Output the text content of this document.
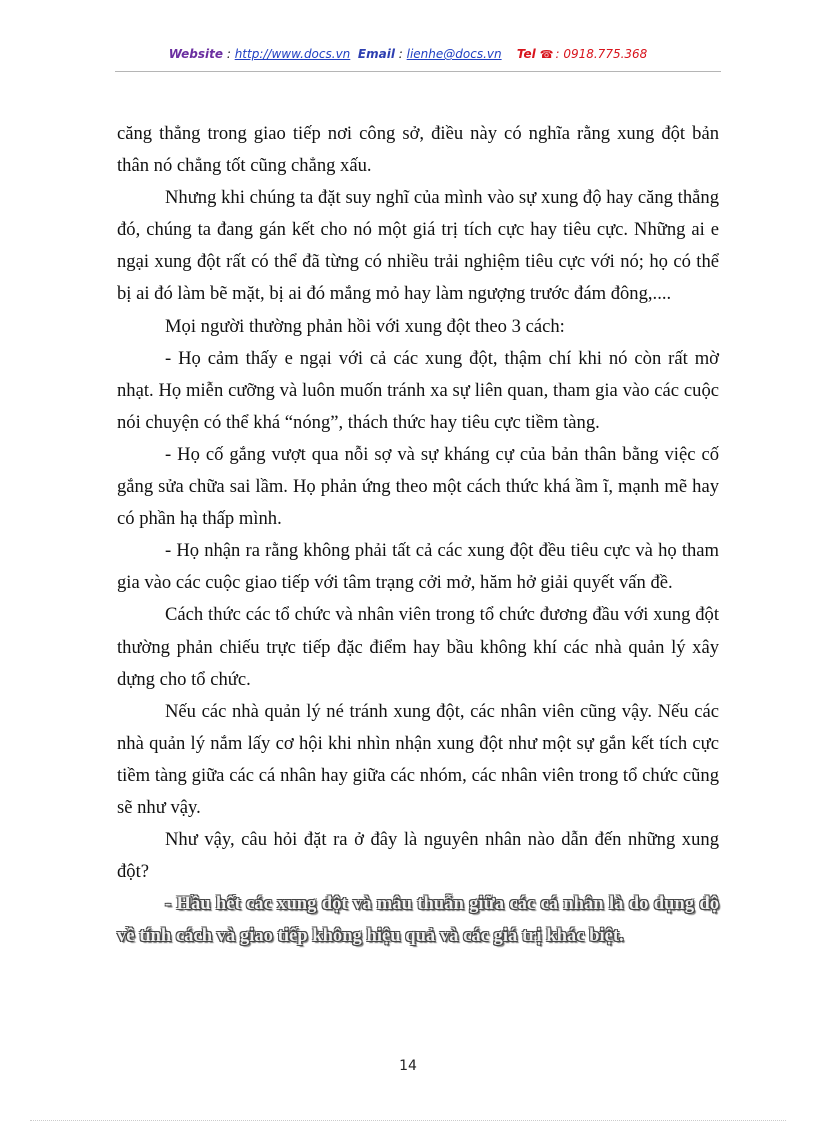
Website : http://www.docs.vn Email : lienhe@docs.vn Tel ☎ : 0918.775.368

căng thẳng trong giao tiếp nơi công sở, điều này có nghĩa rằng xung đột bản thân nó chẳng tốt cũng chẳng xấu.

Nhưng khi chúng ta đặt suy nghĩ của mình vào sự xung độ hay căng thẳng đó, chúng ta đang gán kết cho nó một giá trị tích cực hay tiêu cực. Những ai e ngại xung đột rất có thể đã từng có nhiều trải nghiệm tiêu cực với nó; họ có thể bị ai đó làm bẽ mặt, bị ai đó mắng mỏ hay làm ngượng trước đám đông,....

Mọi người thường phản hồi với xung đột theo 3 cách:

- Họ cảm thấy e ngại với cả các xung đột, thậm chí khi nó còn rất mờ nhạt. Họ miễn cưỡng và luôn muốn tránh xa sự liên quan, tham gia vào các cuộc nói chuyện có thể khá “nóng”, thách thức hay tiêu cực tiềm tàng.

- Họ cố gắng vượt qua nỗi sợ và sự kháng cự của bản thân bằng việc cố gắng sửa chữa sai lầm. Họ phản ứng theo một cách thức khá ầm ĩ, mạnh mẽ hay có phần hạ thấp mình.

- Họ nhận ra rằng không phải tất cả các xung đột đều tiêu cực và họ tham gia vào các cuộc giao tiếp với tâm trạng cởi mở, hăm hở giải quyết vấn đề.

Cách thức các tổ chức và nhân viên trong tổ chức đương đầu với xung đột thường phản chiếu trực tiếp đặc điểm hay bầu không khí các nhà quản lý xây dựng cho tổ chức.

Nếu các nhà quản lý né tránh xung đột, các nhân viên cũng vậy. Nếu các nhà quản lý nắm lấy cơ hội khi nhìn nhận xung đột như một sự gắn kết tích cực tiềm tàng giữa các cá nhân hay giữa các nhóm, các nhân viên trong tổ chức cũng sẽ như vậy.

Như vậy, câu hỏi đặt ra ở đây là nguyên nhân nào dẫn đến những xung đột?

- Hầu hết các xung đột và mâu thuẫn giữa các cá nhân là do đụng độ về tính cách và giao tiếp không hiệu quả và các giá trị khác biệt.

14
